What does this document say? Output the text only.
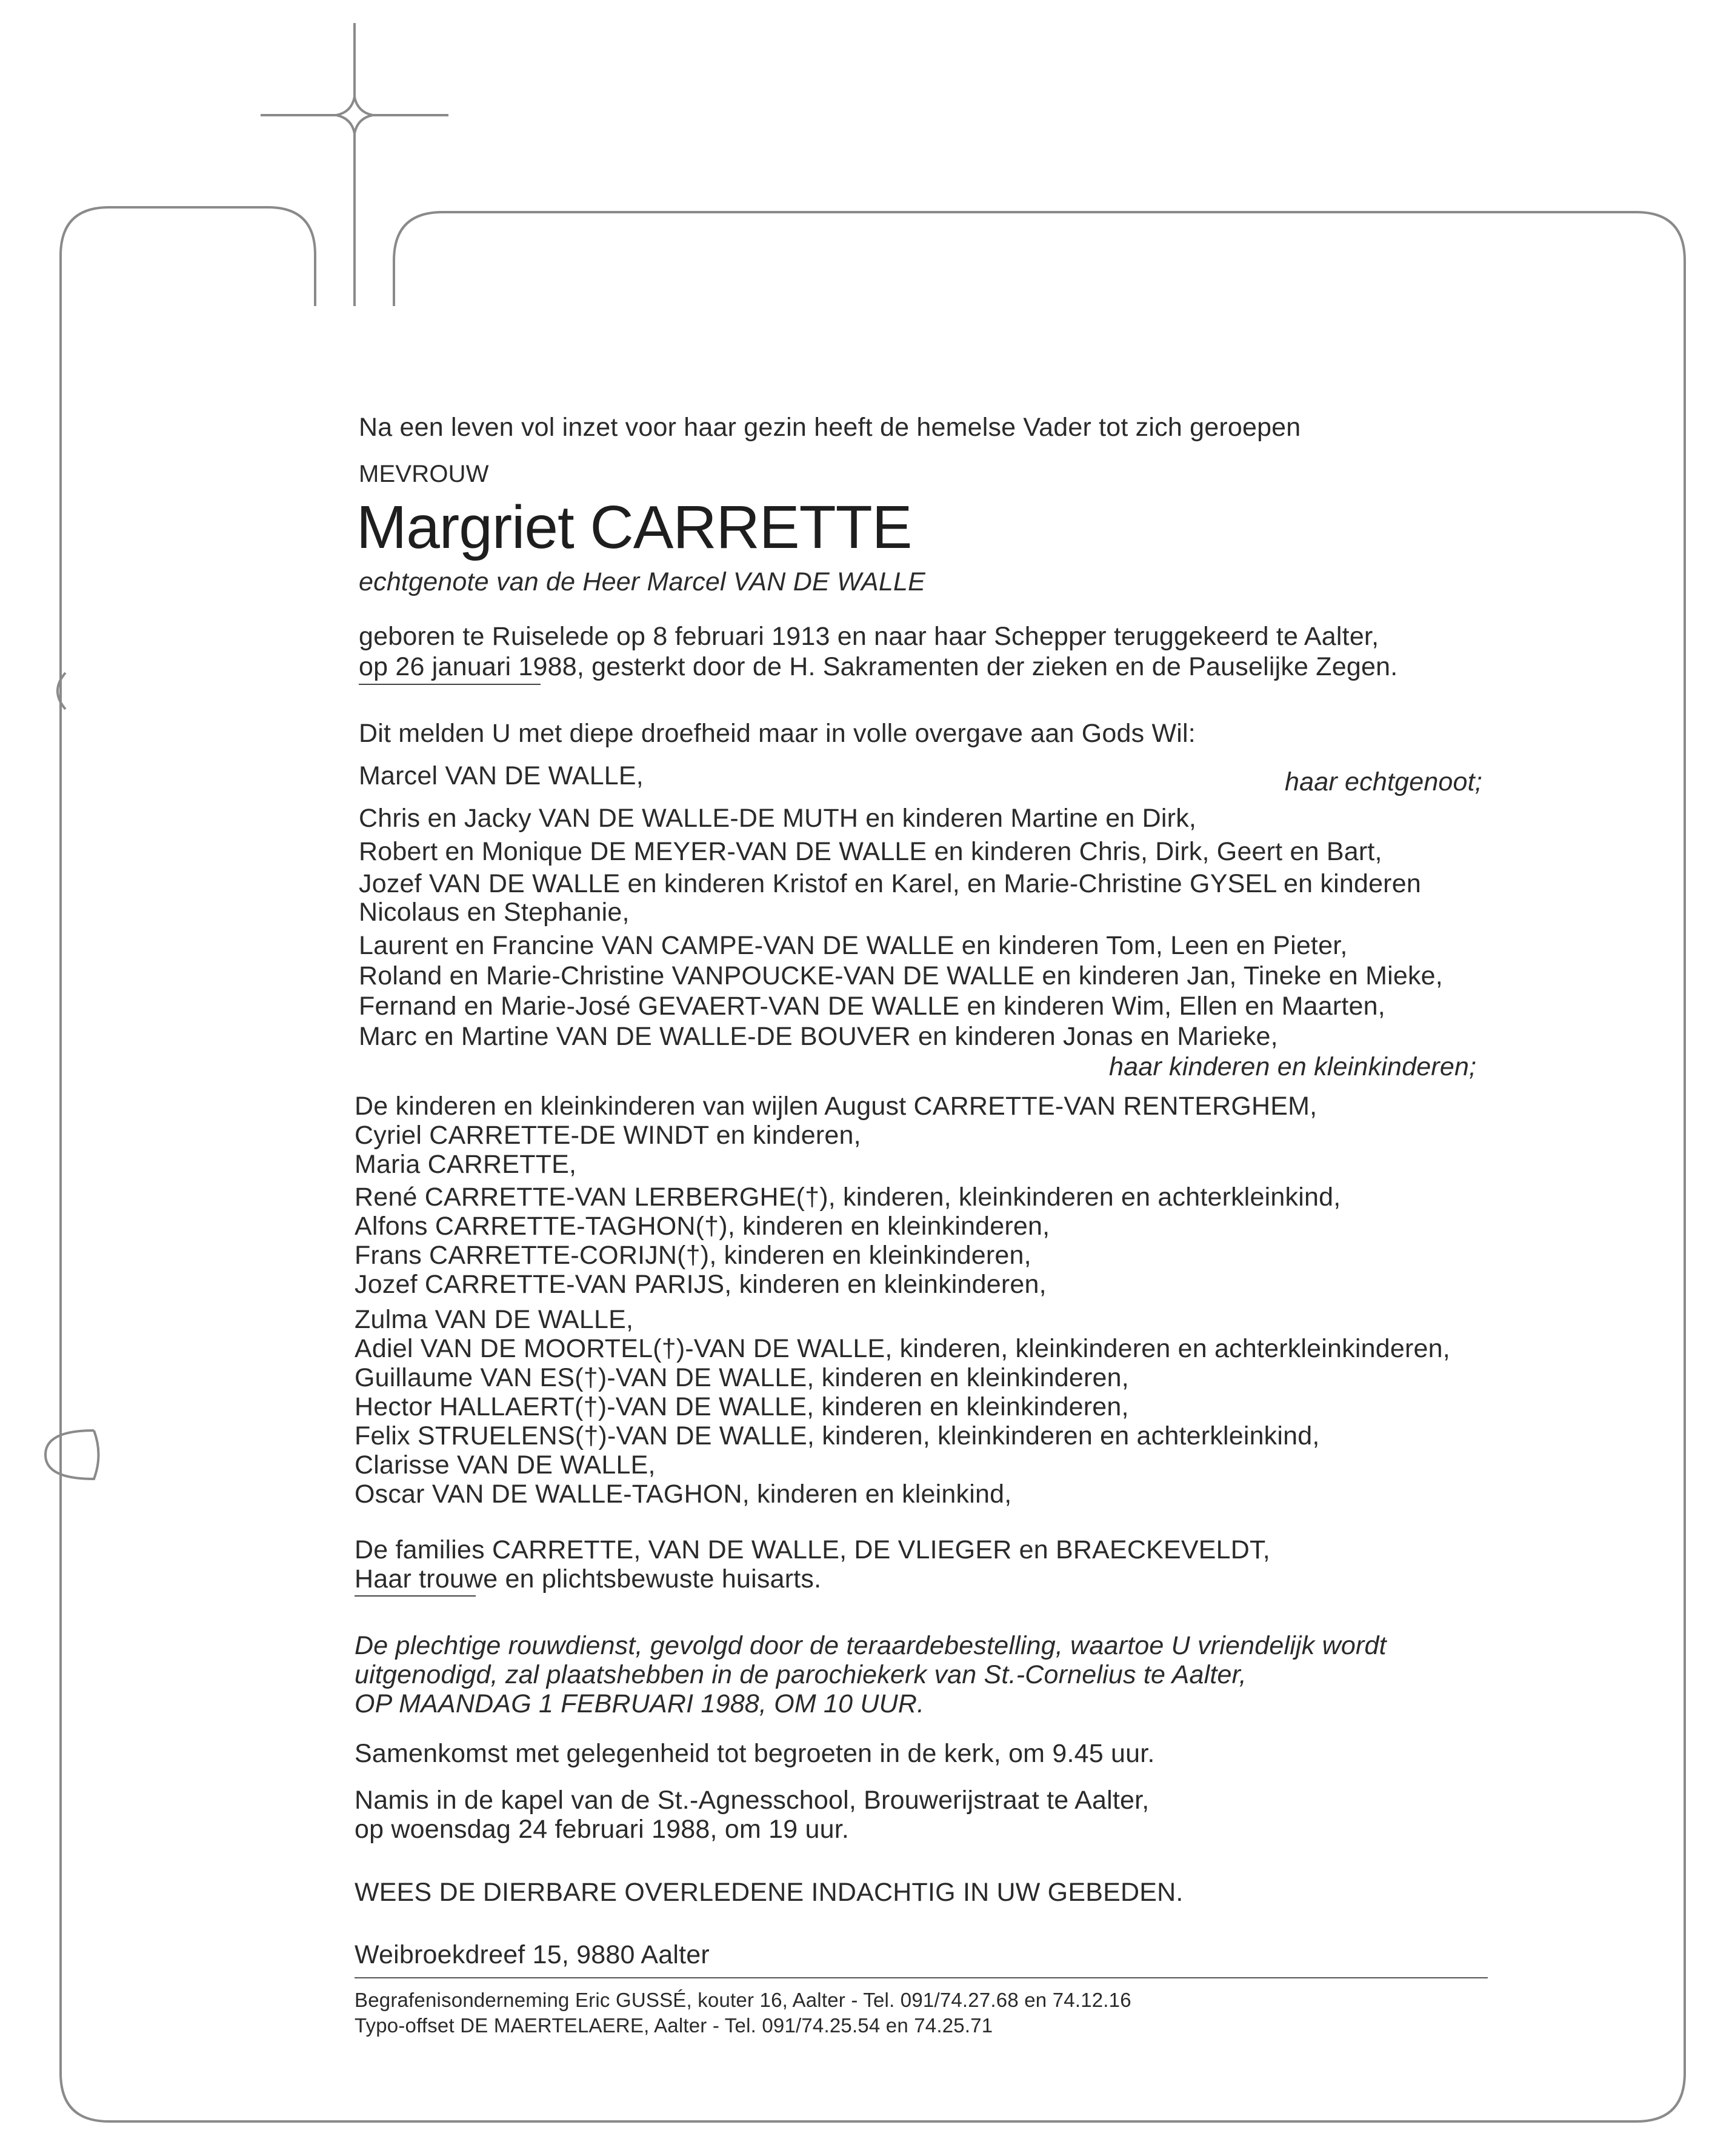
Na een leven vol inzet voor haar gezin heeft de hemelse Vader tot zich geroepen
MEVROUW
Margriet CARRETTE
echtgenote van de Heer Marcel VAN DE WALLE
geboren te Ruiselede op 8 februari 1913 en naar haar Schepper teruggekeerd te Aalter,
op 26 januari 1988, gesterkt door de H. Sakramenten der zieken en de Pauselijke Zegen.
Dit melden U met diepe droefheid maar in volle overgave aan Gods Wil:
Marcel VAN DE WALLE,	haar echtgenoot;
Chris en Jacky VAN DE WALLE-DE MUTH en kinderen Martine en Dirk,
Robert en Monique DE MEYER-VAN DE WALLE en kinderen Chris, Dirk, Geert en Bart,
Jozef VAN DE WALLE en kinderen Kristof en Karel, en Marie-Christine GYSEL en kinderen
Nicolaus en Stephanie,
Laurent en Francine VAN CAMPE-VAN DE WALLE en kinderen Tom, Leen en Pieter,
Roland en Marie-Christine VANPOUCKE-VAN DE WALLE en kinderen Jan, Tineke en Mieke,
Fernand en Marie-José GEVAERT-VAN DE WALLE en kinderen Wim, Ellen en Maarten,
Marc en Martine VAN DE WALLE-DE BOUVER en kinderen Jonas en Marieke,
haar kinderen en kleinkinderen;
De kinderen en kleinkinderen van wijlen August CARRETTE-VAN RENTERGHEM,
Cyriel CARRETTE-DE WINDT en kinderen,
Maria CARRETTE,
René CARRETTE-VAN LERBERGHE(†), kinderen, kleinkinderen en achterkleinkind,
Alfons CARRETTE-TAGHON(†), kinderen en kleinkinderen,
Frans CARRETTE-CORIJN(†), kinderen en kleinkinderen,
Jozef CARRETTE-VAN PARIJS, kinderen en kleinkinderen,
Zulma VAN DE WALLE,
Adiel VAN DE MOORTEL(†)-VAN DE WALLE, kinderen, kleinkinderen en achterkleinkinderen,
Guillaume VAN ES(†)-VAN DE WALLE, kinderen en kleinkinderen,
Hector HALLAERT(†)-VAN DE WALLE, kinderen en kleinkinderen,
Felix STRUELENS(†)-VAN DE WALLE, kinderen, kleinkinderen en achterkleinkind,
Clarisse VAN DE WALLE,
Oscar VAN DE WALLE-TAGHON, kinderen en kleinkind,
De families CARRETTE, VAN DE WALLE, DE VLIEGER en BRAECKEVELDT,
Haar trouwe en plichtsbewuste huisarts.
De plechtige rouwdienst, gevolgd door de teraardebestelling, waartoe U vriendelijk wordt
uitgenodigd, zal plaatshebben in de parochiekerk van St.-Cornelius te Aalter,
OP MAANDAG 1 FEBRUARI 1988, OM 10 UUR.
Samenkomst met gelegenheid tot begroeten in de kerk, om 9.45 uur.
Namis in de kapel van de St.-Agnesschool, Brouwerijstraat te Aalter,
op woensdag 24 februari 1988, om 19 uur.
WEES DE DIERBARE OVERLEDENE INDACHTIG IN UW GEBEDEN.
Weibroekdreef 15, 9880 Aalter
Begrafenisonderneming Eric GUSSÉ, kouter 16, Aalter - Tel. 091/74.27.68 en 74.12.16
Typo-offset DE MAERTELAERE, Aalter - Tel. 091/74.25.54 en 74.25.71
